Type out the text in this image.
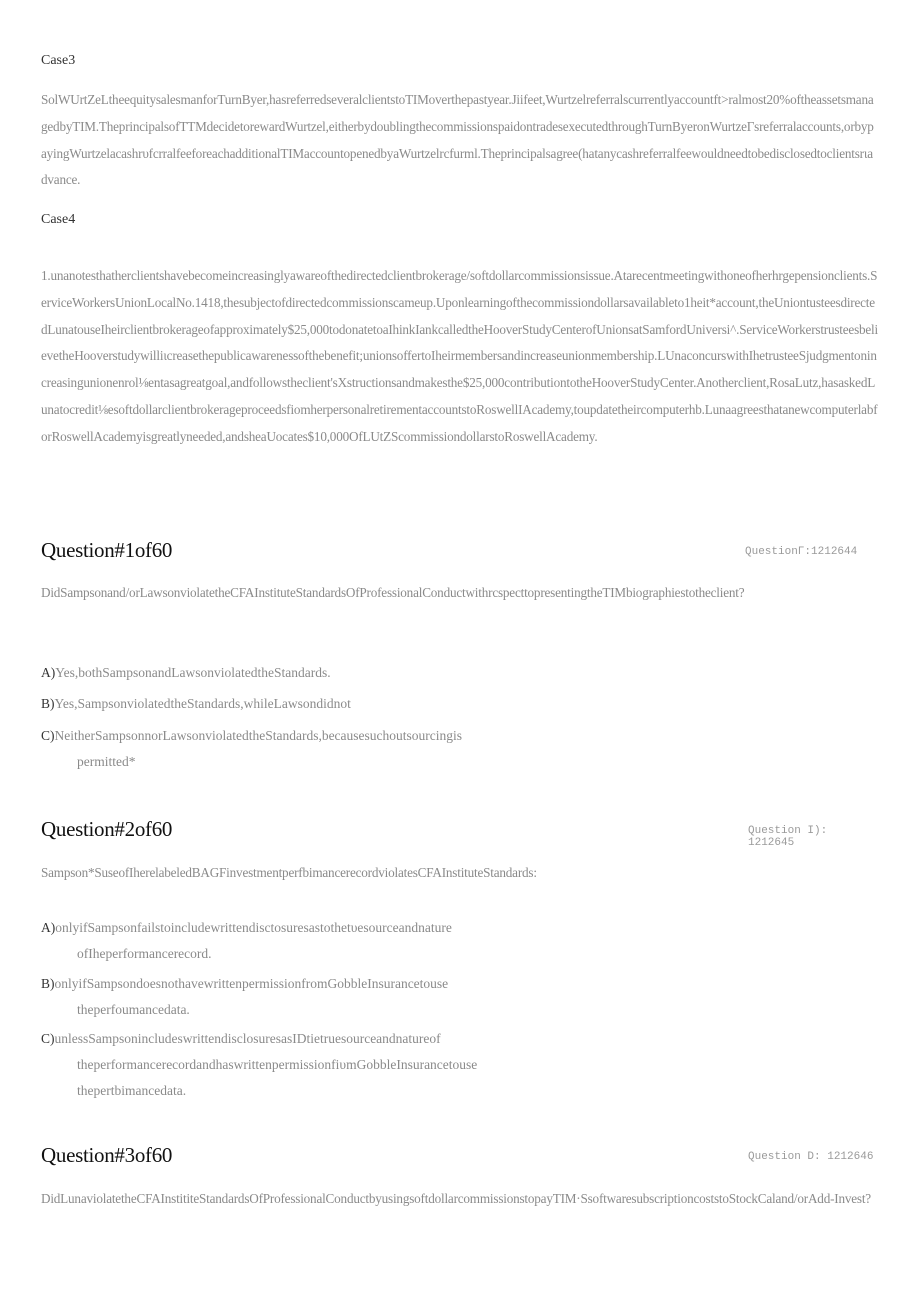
Case3
SolWUrtZeLtheequitysalesmanforTurnByer,hasreferredseveralclientstoTIMoverthepastyear.Jiifeet,Wurtzelreferralscurrentlyaccountft>ralmost20%oftheassetsmanagedbyTIM.TheprincipalsofTTMdecidetorewardWurtzel,eitherbydoublingthecommissionspaidontradesexecutedthroughTurnByeronWurtzeΓsreferralaccounts,orbypayingWurtzelacashrυfcrralfeeforeachadditionalTIMaccountopenedbyaWurtzelrcfurml.Theprincipalsagree(hatanycashreferralfeewouldneedtobedisclosedtoclientsrιadvance.
Case4
1.unanotesthatherclientshavebecomeincreasinglyawareofthedirectedclientbrokerage/softdollarcommissionsissue.Atarecentmeetingwithoneofherhrgepensionclients.ServiceWorkersUnionLocalNo.1418,thesubjectofdirectedcommissionscameup.Uponlearningofthecommissiondollarsavailableto1heit*account,theUniontusteesdirectedLunatouseIheirclientbrokerageofapproximately$25,000todonatetoaIhinkIankcalledtheHooverStudyCenterofUnionsatSamfordUniversi^.ServiceWorkerstrusteesbelievetheHooverstudywilliιcreasethepublicawarenessofthebenefit;unionsoffertoIheirmembersandincreaseunionmembership.LUnaconcurswithIhetrusteeSjudgmentonincreasingunionenrol⅛entasagreatgoal,andfollowstheclient'sXstructionsandmakesthe$25,000contributiontotheHooverStudyCenter.Anotherclient,RosaLutz,hasaskedLunatocredit⅛esoftdollarclientbrokerageproceedsfiomherpersonalretirementaccountstoRoswellIAcademy,toupdatetheircomputerhb.LunaagreesthatanewcomputerlabforRoswellAcademyisgreatlyneeded,andsheaUocates$10,000OfLUtZScommissiondollarstoRoswellAcademy.
Question#1of60	QuestionΓ:1212644
DidSampsonand/orLawsonviolatetheCFAInstituteStandardsOfProfessionalConductwithrcspecttopresentingtheTIMbiographiestotheclient?
A)Yes,bothSampsonandLawsonviolatedtheStandards.
B)Yes,SampsonviolatedtheStandards,whileLawsondidnot
C)NeitherSampsonnorLawsonviolatedtheStandards,becausesuchoutsourcingis
permitted*
Question#2of60	Question I): 1212645
Sampson*SuseofIherelabeledBAGFinvestmentperfbimancerecordviolatesCFAInstituteStandards:
A)onlyifSampsonfailstoincludewrittendisctosuresastothetυesourceandnature
ofIheperformancerecord.
B)onlyifSampsondoesnothavewrittenpermissionfromGobbleInsurancetouse
theperfoumancedata.
C)unlessSampsonincludeswrittendisclosuresasIDtietruesourceandnatureof
theperformancerecordandhaswrittenpermissionfiυmGobbleInsurancetouse
thepertbimancedata.
Question#3of60	Question D: 1212646
DidLunaviolatetheCFAInstititeStandardsOfProfessionalConductbyusingsoftdollarcommissionstopayTIM·SsoftwaresubscriptioncoststoStockCaland/orAdd-Invest?
